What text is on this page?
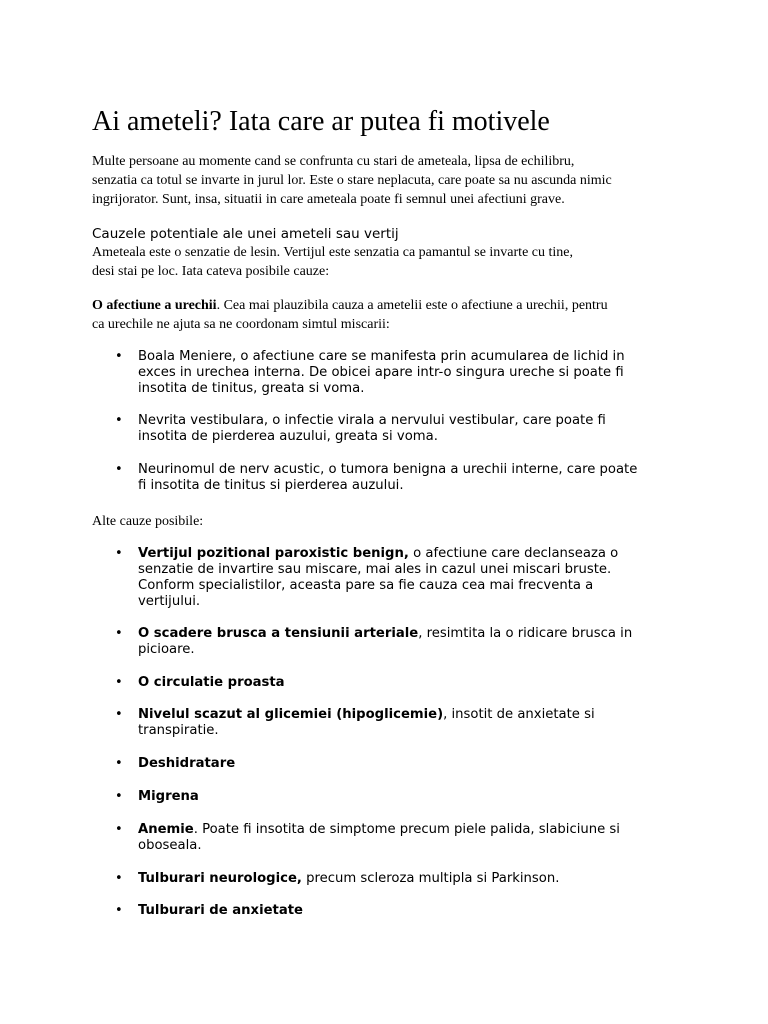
Ai ameteli? Iata care ar putea fi motivele

Multe persoane au momente cand se confrunta cu stari de ameteala, lipsa de echilibru,
senzatia ca totul se invarte in jurul lor. Este o stare neplacuta, care poate sa nu ascunda nimic
ingrijorator. Sunt, insa, situatii in care ameteala poate fi semnul unei afectiuni grave.

Cauzele potentiale ale unei ameteli sau vertij

Ameteala este o senzatie de lesin. Vertijul este senzatia ca pamantul se invarte cu tine,
desi stai pe loc. Iata cateva posibile cauze:

O afectiune a urechii. Cea mai plauzibila cauza a ametelii este o afectiune a urechii, pentru
ca urechile ne ajuta sa ne coordonam simtul miscarii:

• Boala Meniere, o afectiune care se manifesta prin acumularea de lichid in
exces in urechea interna. De obicei apare intr-o singura ureche si poate fi
insotita de tinitus, greata si voma.
• Nevrita vestibulara, o infectie virala a nervului vestibular, care poate fi
insotita de pierderea auzului, greata si voma.
• Neurinomul de nerv acustic, o tumora benigna a urechii interne, care poate
fi insotita de tinitus si pierderea auzului.

Alte cauze posibile:

• Vertijul pozitional paroxistic benign, o afectiune care declanseaza o
senzatie de invartire sau miscare, mai ales in cazul unei miscari bruste.
Conform specialistilor, aceasta pare sa fie cauza cea mai frecventa a
vertijului.
• O scadere brusca a tensiunii arteriale, resimtita la o ridicare brusca in
picioare.
• O circulatie proasta
• Nivelul scazut al glicemiei (hipoglicemie), insotit de anxietate si
transpiratie.
• Deshidratare
• Migrena
• Anemie. Poate fi insotita de simptome precum piele palida, slabiciune si
oboseala.
• Tulburari neurologice, precum scleroza multipla si Parkinson.
• Tulburari de anxietate
